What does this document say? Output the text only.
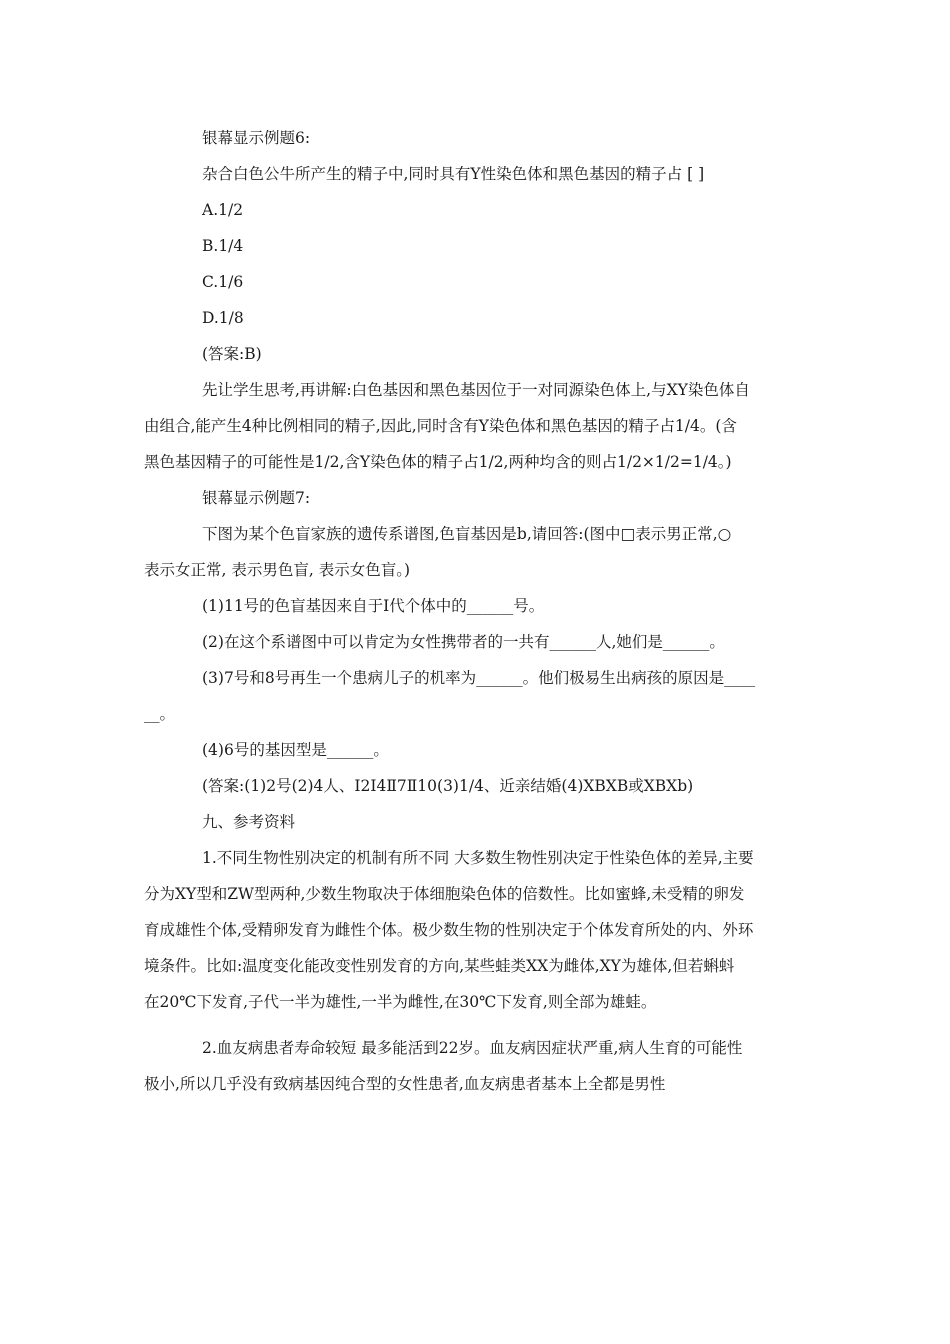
银幕显示例题6:
杂合白色公牛所产生的精子中,同时具有Y性染色体和黑色基因的精子占 [ ]
A.1/2
B.1/4
C.1/6
D.1/8
(答案:B)
先让学生思考,再讲解:白色基因和黑色基因位于一对同源染色体上,与XY染色体自
由组合,能产生4种比例相同的精子,因此,同时含有Y染色体和黑色基因的精子占1/4。(含
黑色基因精子的可能性是1/2,含Y染色体的精子占1/2,两种均含的则占1/2×1/2=1/4。)
银幕显示例题7:
下图为某个色盲家族的遗传系谱图,色盲基因是b,请回答:(图中□表示男正常,○
表示女正常, 表示男色盲, 表示女色盲。)
(1)11号的色盲基因来自于Ⅰ代个体中的______号。
(2)在这个系谱图中可以肯定为女性携带者的一共有______人,她们是______。
(3)7号和8号再生一个患病儿子的机率为______。他们极易生出病孩的原因是____
__。
(4)6号的基因型是______。
(答案:(1)2号(2)4人、Ⅰ2Ⅰ4Ⅱ7Ⅱ10(3)1/4、近亲结婚(4)XBXB或XBXb)
九、参考资料
1.不同生物性别决定的机制有所不同 大多数生物性别决定于性染色体的差异,主要
分为XY型和ZW型两种,少数生物取决于体细胞染色体的倍数性。比如蜜蜂,未受精的卵发
育成雄性个体,受精卵发育为雌性个体。极少数生物的性别决定于个体发育所处的内、外环
境条件。比如:温度变化能改变性别发育的方向,某些蛙类XX为雌体,XY为雄体,但若蝌蚪
在20℃下发育,子代一半为雄性,一半为雌性,在30℃下发育,则全部为雄蛙。
2.血友病患者寿命较短 最多能活到22岁。血友病因症状严重,病人生育的可能性
极小,所以几乎没有致病基因纯合型的女性患者,血友病患者基本上全都是男性
